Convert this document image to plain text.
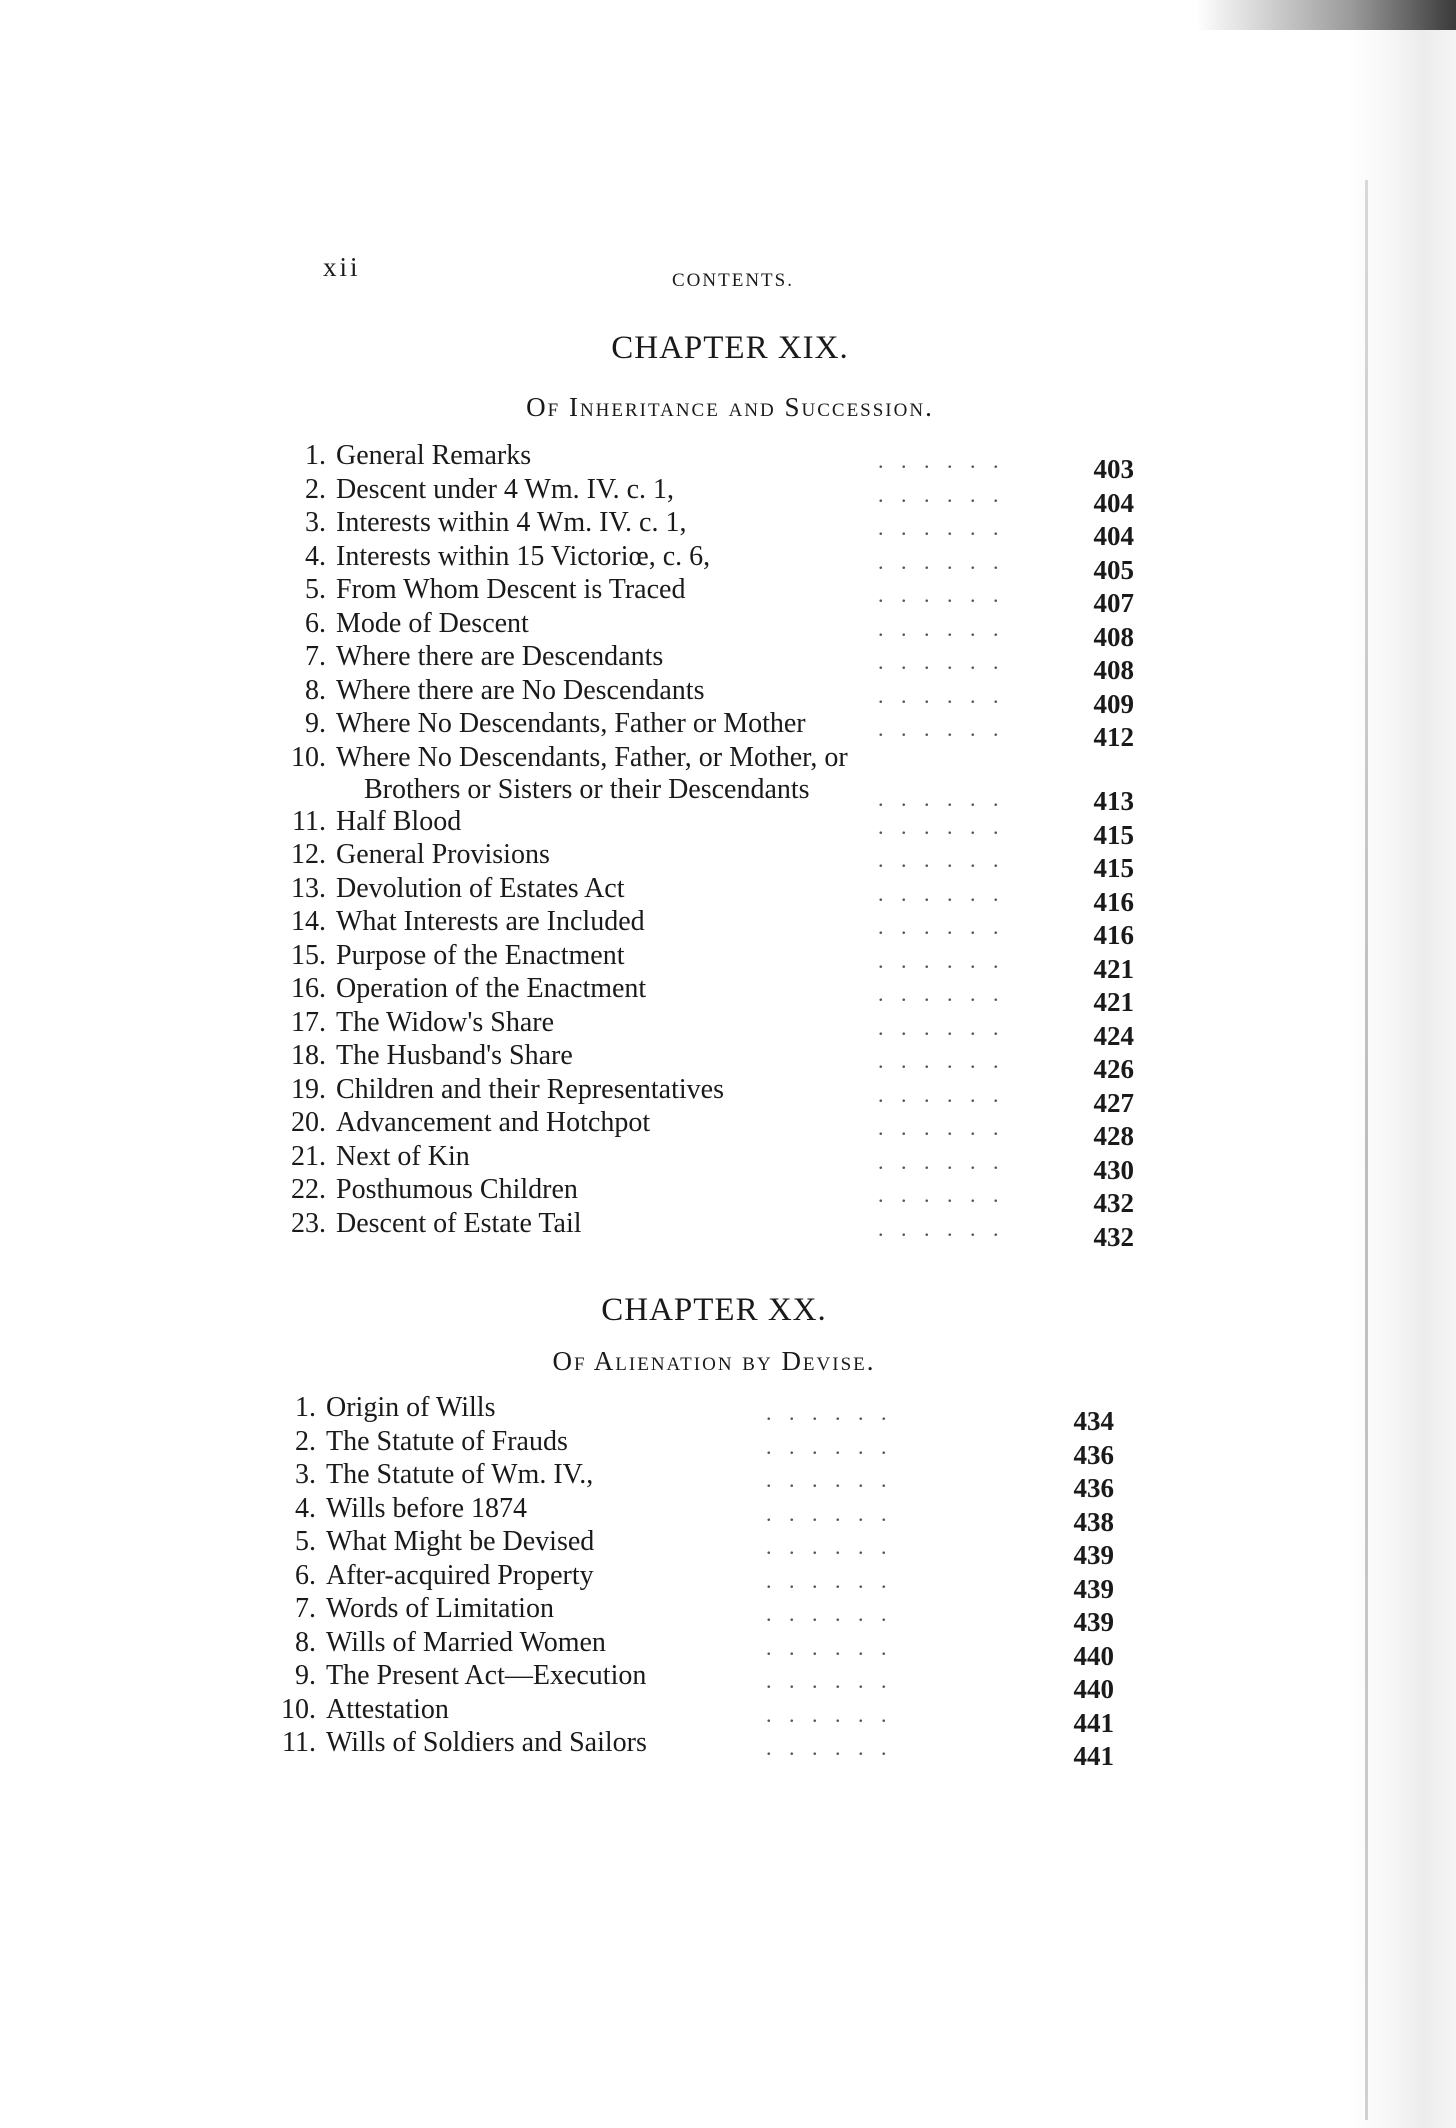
xii	CONTENTS.
CHAPTER XIX.
Of Inheritance and Succession.
1. General Remarks	. . . . . .	403
2. Descent under 4 Wm. IV. c. 1,	. . . . . .	404
3. Interests within 4 Wm. IV. c. 1,	. . . . . .	404
4. Interests within 15 Victoriœ, c. 6,	. . . . . .	405
5. From Whom Descent is Traced	. . . . . .	407
6. Mode of Descent	. . . . . .	408
7. Where there are Descendants	. . . . . .	408
8. Where there are No Descendants	. . . . . .	409
9. Where No Descendants, Father or Mother	. . . . . .	412
10. Where No Descendants, Father, or Mother, or
Brothers or Sisters or their Descendants	. . . . . .	413
11. Half Blood	. . . . . .	415
12. General Provisions	. . . . . .	415
13. Devolution of Estates Act	. . . . . .	416
14. What Interests are Included	. . . . . .	416
15. Purpose of the Enactment	. . . . . .	421
16. Operation of the Enactment	. . . . . .	421
17. The Widow's Share	. . . . . .	424
18. The Husband's Share	. . . . . .	426
19. Children and their Representatives	. . . . . .	427
20. Advancement and Hotchpot	. . . . . .	428
21. Next of Kin	. . . . . .	430
22. Posthumous Children	. . . . . .	432
23. Descent of Estate Tail	. . . . . .	432
CHAPTER XX.
Of Alienation by Devise.
1. Origin of Wills	. . . . . .	434
2. The Statute of Frauds	. . . . . .	436
3. The Statute of Wm. IV.,	. . . . . .	436
4. Wills before 1874	. . . . . .	438
5. What Might be Devised	. . . . . .	439
6. After-acquired Property	. . . . . .	439
7. Words of Limitation	. . . . . .	439
8. Wills of Married Women	. . . . . .	440
9. The Present Act—Execution	. . . . . .	440
10. Attestation	. . . . . .	441
11. Wills of Soldiers and Sailors	. . . . . .	441
